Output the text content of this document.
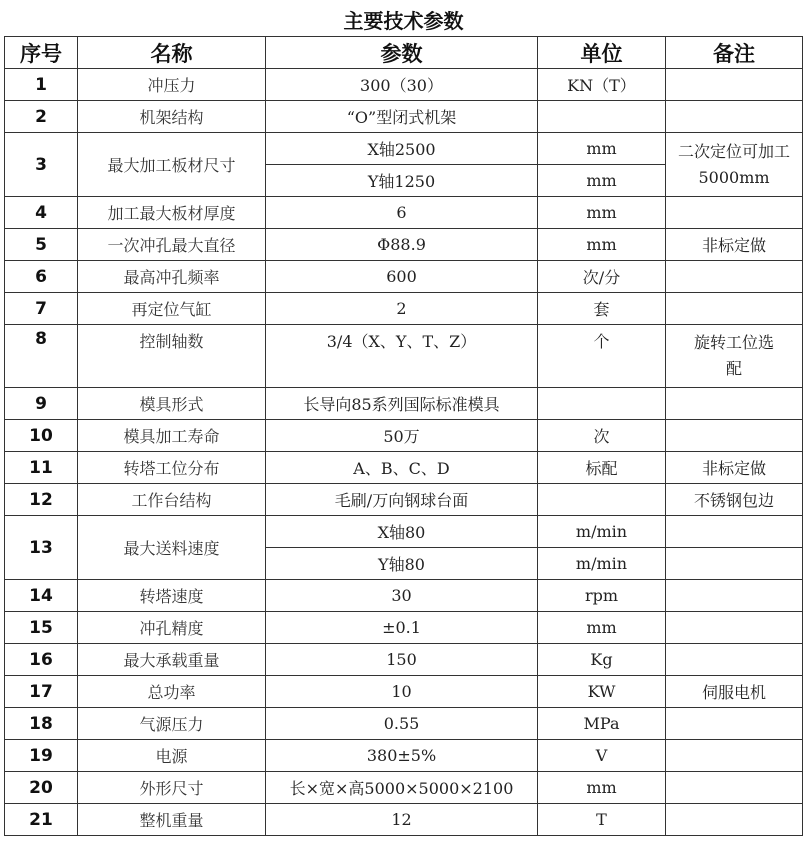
主要技术参数
序号	名称	参数	单位	备注
1	冲压力	300（30）	KN（T）	
2	机架结构	“O”型闭式机架		
3	最大加工板材尺寸	X轴2500	mm	二次定位可加工5000mm
		Y轴1250	mm	
4	加工最大板材厚度	6	mm	
5	一次冲孔最大直径	Φ88.9	mm	非标定做
6	最高冲孔频率	600	次/分	
7	再定位气缸	2	套	
8	控制轴数	3/4（X、Y、T、Z）	个	旋转工位选配
9	模具形式	长导向85系列国际标准模具		
10	模具加工寿命	50万	次	
11	转塔工位分布	A、B、C、D	标配	非标定做
12	工作台结构	毛刷/万向钢球台面		不锈钢包边
13	最大送料速度	X轴80	m/min	
		Y轴80	m/min	
14	转塔速度	30	rpm	
15	冲孔精度	±0.1	mm	
16	最大承载重量	150	Kg	
17	总功率	10	KW	伺服电机
18	气源压力	0.55	MPa	
19	电源	380±5%	V	
20	外形尺寸	长×宽×高5000×5000×2100	mm	
21	整机重量	12	T	
